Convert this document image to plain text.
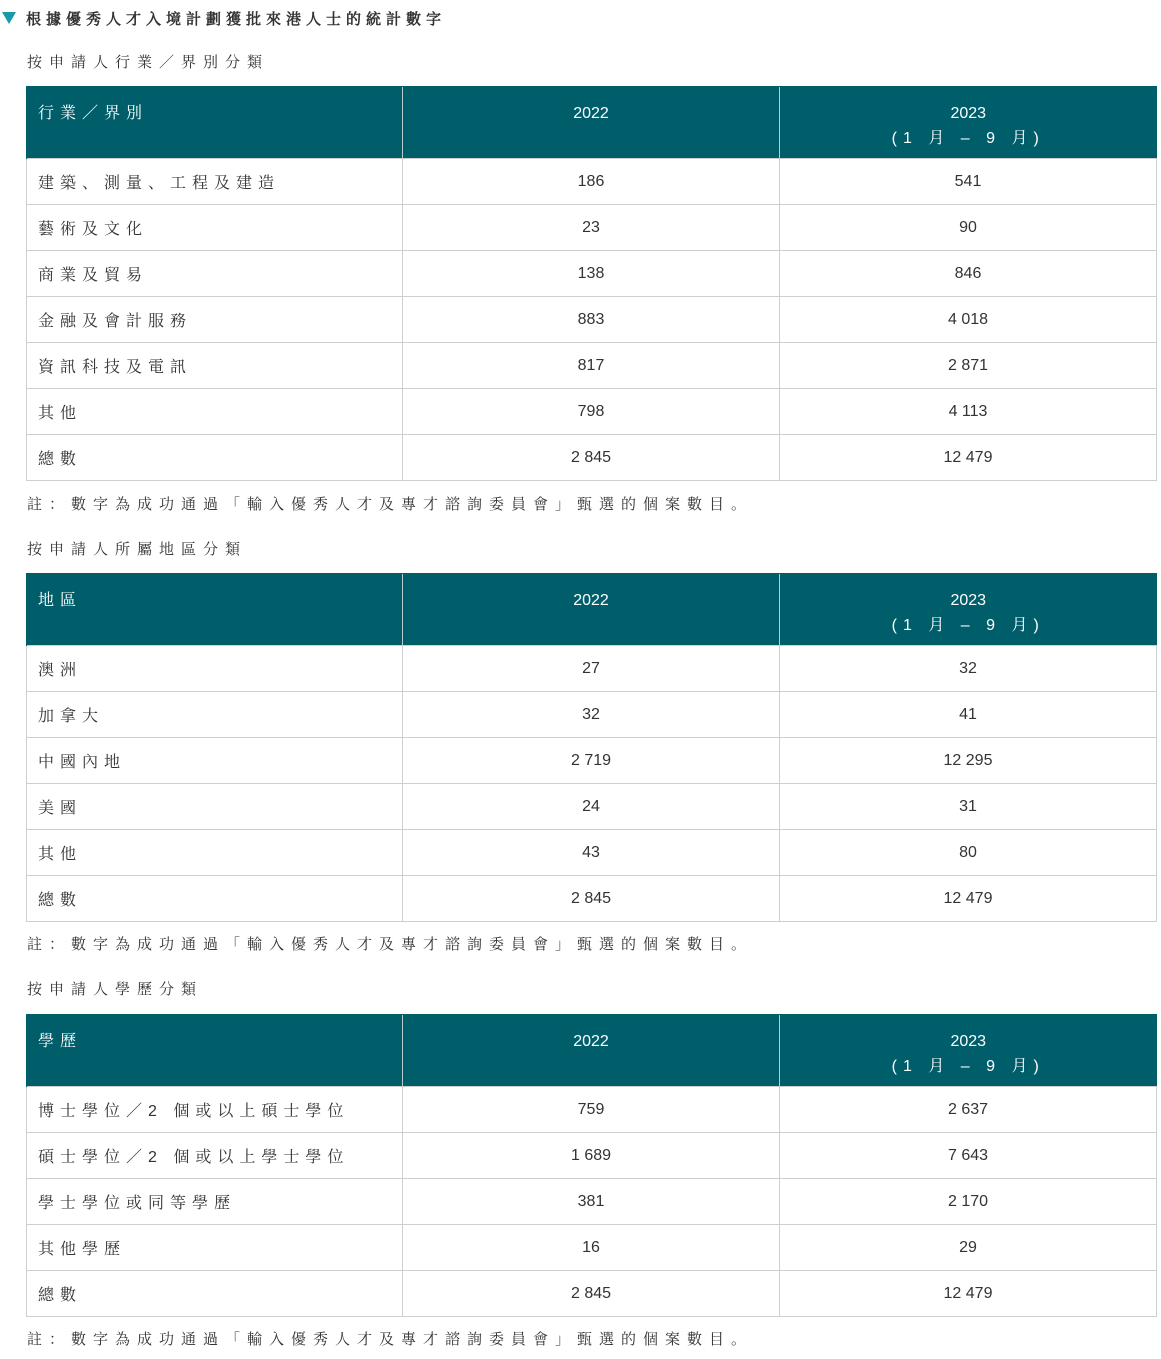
根據優秀人才入境計劃獲批來港人士的統計數字
按申請人行業／界別分類
行業／界別	2022	2023
(1 月 – 9 月)

建築、測量、工程及建造	186	541
藝術及文化	23	90
商業及貿易	138	846
金融及會計服務	883	4 018
資訊科技及電訊	817	2 871
其他	798	4 113
總數	2 845	12 479
註：數字為成功通過「輸入優秀人才及專才諮詢委員會」甄選的個案數目。
按申請人所屬地區分類
地區	2022	2023
(1 月 – 9 月)

澳洲	27	32
加拿大	32	41
中國內地	2 719	12 295
美國	24	31
其他	43	80
總數	2 845	12 479
註：數字為成功通過「輸入優秀人才及專才諮詢委員會」甄選的個案數目。
按申請人學歷分類
學歷	2022	2023
(1 月 – 9 月)

博士學位／2 個或以上碩士學位	759	2 637
碩士學位／2 個或以上學士學位	1 689	7 643
學士學位或同等學歷	381	2 170
其他學歷	16	29
總數	2 845	12 479
註：數字為成功通過「輸入優秀人才及專才諮詢委員會」甄選的個案數目。
